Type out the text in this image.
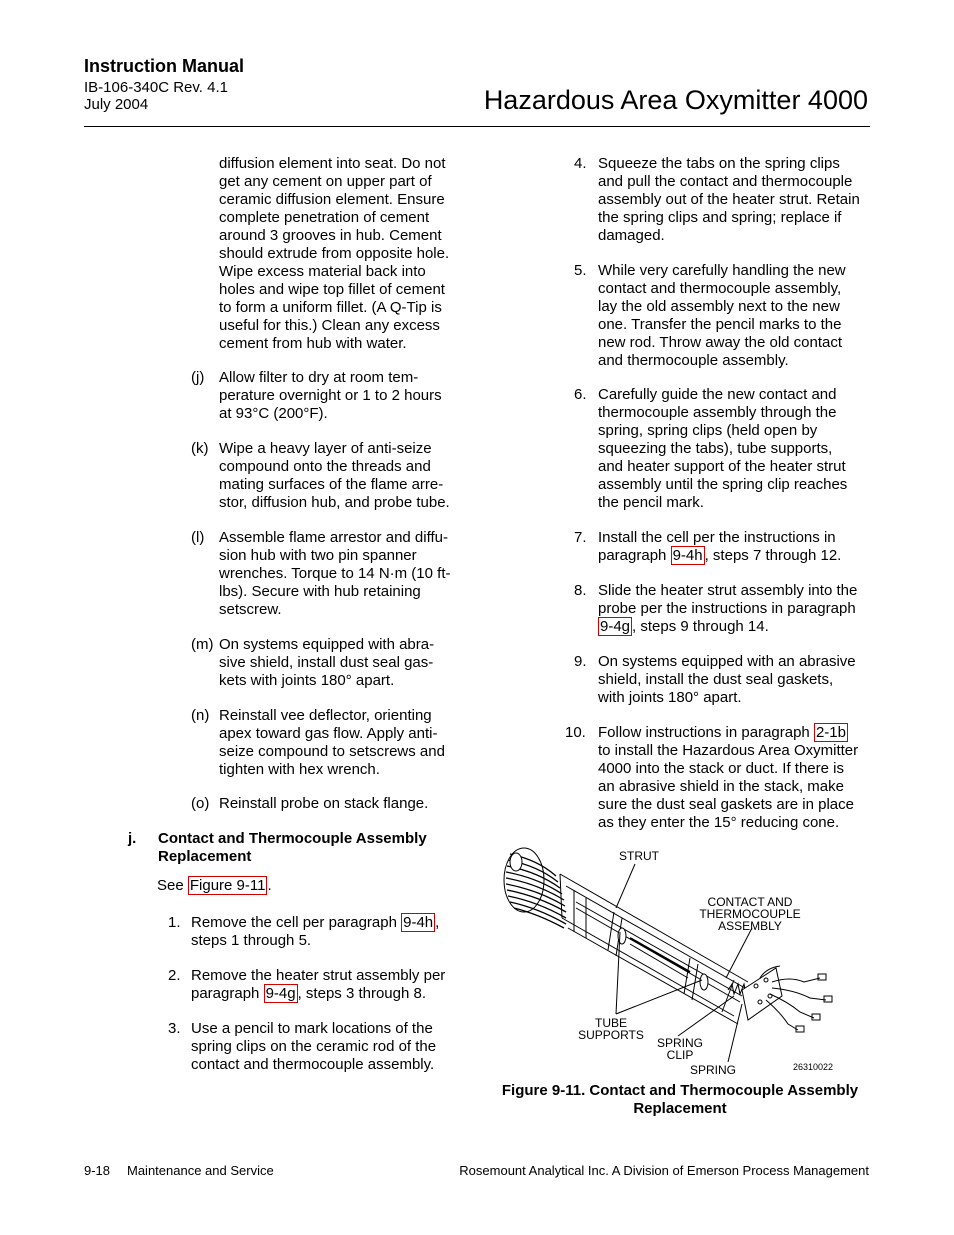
Instruction Manual
IB-106-340C Rev. 4.1
July 2004	Hazardous Area Oxymitter 4000
diffusion element into seat. Do not
get any cement on upper part of
ceramic diffusion element. Ensure
complete penetration of cement
around 3 grooves in hub. Cement
should extrude from opposite hole.
Wipe excess material back into
holes and wipe top fillet of cement
to form a uniform fillet. (A Q-Tip is
useful for this.) Clean any excess
cement from hub with water.
(j) Allow filter to dry at room tem-
perature overnight or 1 to 2 hours
at 93°C (200°F).
(k) Wipe a heavy layer of anti-seize
compound onto the threads and
mating surfaces of the flame arre-
stor, diffusion hub, and probe tube.
(l) Assemble flame arrestor and diffu-
sion hub with two pin spanner
wrenches. Torque to 14 N·m (10 ft-
lbs). Secure with hub retaining
setscrew.
(m) On systems equipped with abra-
sive shield, install dust seal gas-
kets with joints 180° apart.
(n) Reinstall vee deflector, orienting
apex toward gas flow. Apply anti-
seize compound to setscrews and
tighten with hex wrench.
(o) Reinstall probe on stack flange.
j. Contact and Thermocouple Assembly
Replacement
See Figure 9-11 .
1. Remove the cell per paragraph 9-4h ,
steps 1 through 5.
2. Remove the heater strut assembly per
paragraph 9-4g , steps 3 through 8.
3. Use a pencil to mark locations of the
spring clips on the ceramic rod of the
contact and thermocouple assembly.
4. Squeeze the tabs on the spring clips
and pull the contact and thermocouple
assembly out of the heater strut. Retain
the spring clips and spring; replace if
damaged.
5. While very carefully handling the new
contact and thermocouple assembly,
lay the old assembly next to the new
one. Transfer the pencil marks to the
new rod. Throw away the old contact
and thermocouple assembly.
6. Carefully guide the new contact and
thermocouple assembly through the
spring, spring clips (held open by
squeezing the tabs), tube supports,
and heater support of the heater strut
assembly until the spring clip reaches
the pencil mark.
7. Install the cell per the instructions in
paragraph 9-4h , steps 7 through 12.
8. Slide the heater strut assembly into the
probe per the instructions in paragraph
9-4g , steps 9 through 14.
9. On systems equipped with an abrasive
shield, install the dust seal gaskets,
with joints 180° apart.
10. Follow instructions in paragraph 2-1b
to install the Hazardous Area Oxymitter
4000 into the stack or duct. If there is
an abrasive shield in the stack, make
sure the dust seal gaskets are in place
as they enter the 15° reducing cone.
STRUT
CONTACT AND
THERMOCOUPLE
ASSEMBLY
TUBE
SUPPORTS
SPRING
CLIP
SPRING	26310022
Figure 9-11. Contact and Thermocouple Assembly
Replacement
9-18 Maintenance and Service	Rosemount Analytical Inc. A Division of Emerson Process Management
